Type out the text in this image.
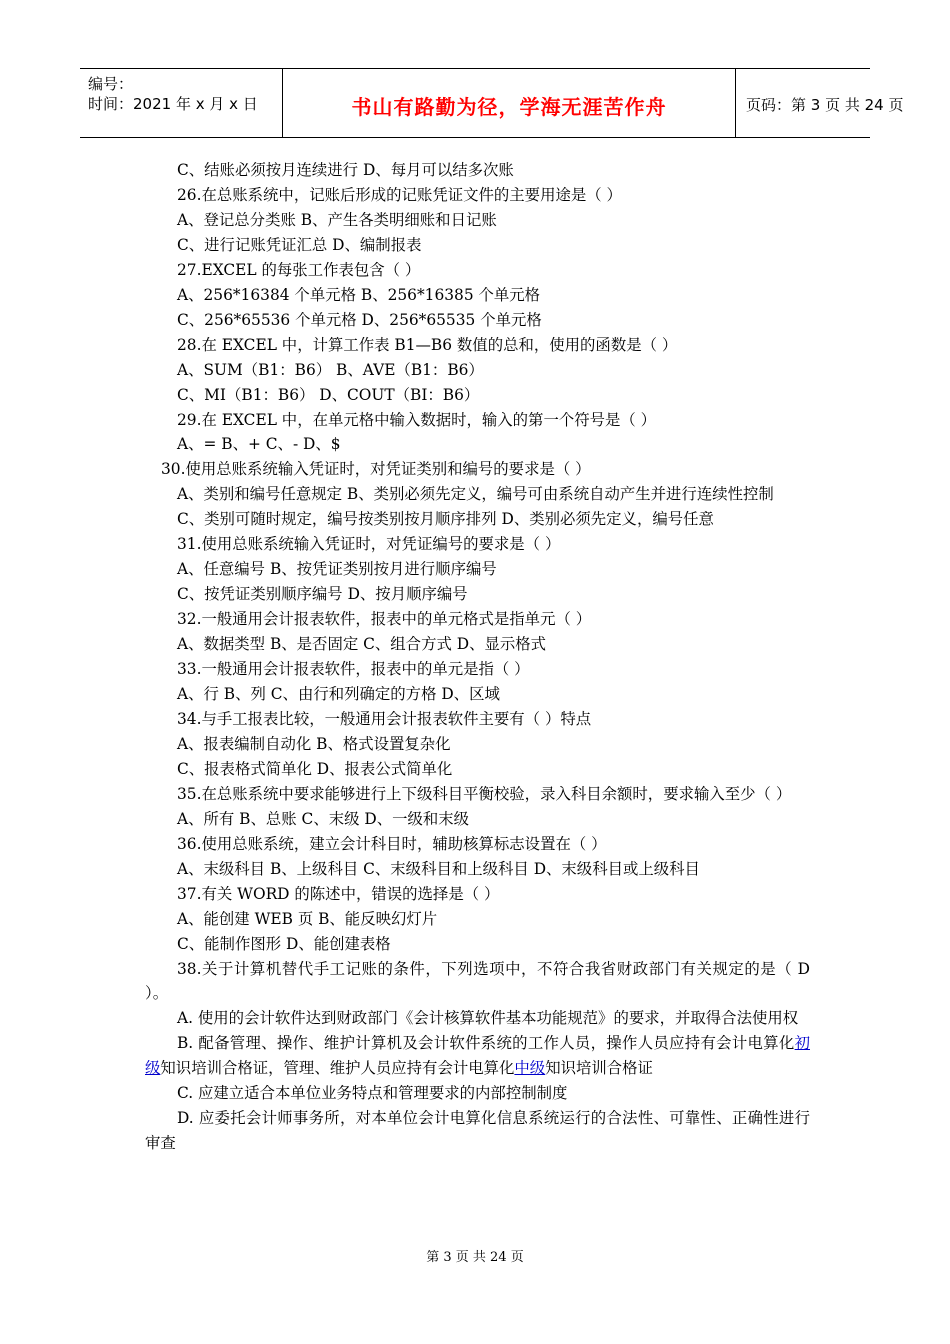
编号：
时间：2021 年 x 月 x 日	书山有路勤为径，学海无涯苦作舟	页码：第 3 页 共 24 页
C、结账必须按月连续进行 D、每月可以结多次账
26.在总账系统中，记账后形成的记账凭证文件的主要用途是（ ）
A、登记总分类账 B、产生各类明细账和日记账
C、进行记账凭证汇总 D、编制报表
27.EXCEL 的每张工作表包含（ ）
A、256*16384 个单元格 B、256*16385 个单元格
C、256*65536 个单元格 D、256*65535 个单元格
28.在 EXCEL 中，计算工作表 B1—B6 数值的总和，使用的函数是（ ）
A、SUM（B1：B6） B、AVE（B1：B6）
C、MI（B1：B6） D、COUT（BI：B6）
29.在 EXCEL 中，在单元格中输入数据时，输入的第一个符号是（ ）
A、= B、+ C、- D、$
30.使用总账系统输入凭证时，对凭证类别和编号的要求是（ ）
A、类别和编号任意规定 B、类别必须先定义，编号可由系统自动产生并进行连续性控制
C、类别可随时规定，编号按类别按月顺序排列 D、类别必须先定义，编号任意
31.使用总账系统输入凭证时，对凭证编号的要求是（ ）
A、任意编号 B、按凭证类别按月进行顺序编号
C、按凭证类别顺序编号 D、按月顺序编号
32.一般通用会计报表软件，报表中的单元格式是指单元（ ）
A、数据类型 B、是否固定 C、组合方式 D、显示格式
33.一般通用会计报表软件，报表中的单元是指（ ）
A、行 B、列 C、由行和列确定的方格 D、区域
34.与手工报表比较，一般通用会计报表软件主要有（ ）特点
A、报表编制自动化 B、格式设置复杂化
C、报表格式简单化 D、报表公式简单化
35.在总账系统中要求能够进行上下级科目平衡校验，录入科目余额时，要求输入至少（ ）
A、所有 B、总账 C、末级 D、一级和末级
36.使用总账系统，建立会计科目时，辅助核算标志设置在（ ）
A、末级科目 B、上级科目 C、末级科目和上级科目 D、末级科目或上级科目
37.有关 WORD 的陈述中，错误的选择是（ ）
A、能创建 WEB 页 B、能反映幻灯片
C、能制作图形 D、能创建表格
38.关于计算机替代手工记账的条件，下列选项中，不符合我省财政部门有关规定的是（ D ）。
A. 使用的会计软件达到财政部门《会计核算软件基本功能规范》的要求，并取得合法使用权
B. 配备管理、操作、维护计算机及会计软件系统的工作人员，操作人员应持有会计电算化初级知识培训合格证，管理、维护人员应持有会计电算化中级知识培训合格证
C. 应建立适合本单位业务特点和管理要求的内部控制制度
D. 应委托会计师事务所，对本单位会计电算化信息系统运行的合法性、可靠性、正确性进行审查
第 3 页 共 24 页
